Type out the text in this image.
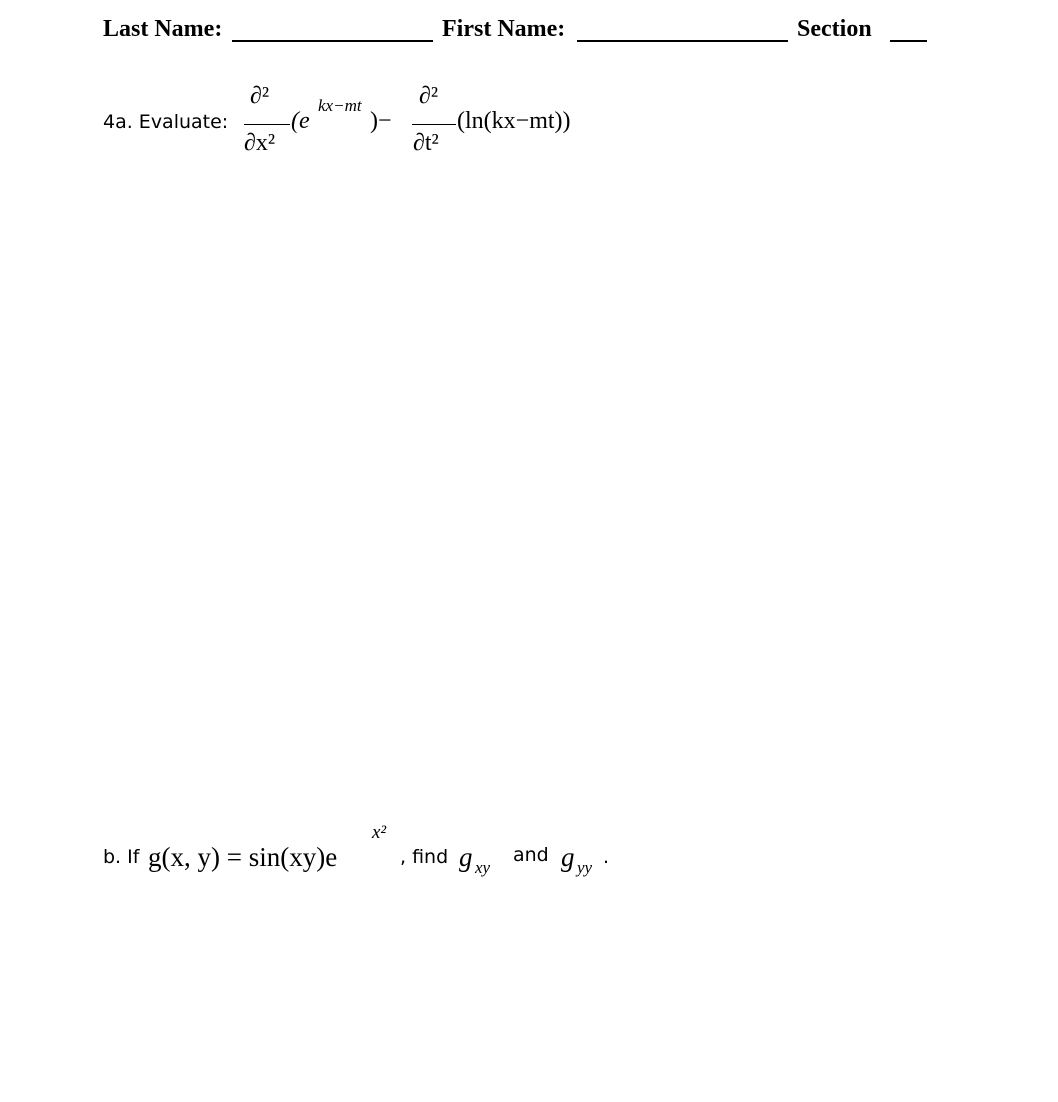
Last Name:	First Name:	Section
4a. Evaluate:
∂²
∂x²
(e
kx−mt
)−
∂²
∂t²
(ln(kx−mt))
b. If g(x, y) = sin(xy)e
x²
, find g xy
and g yy .
